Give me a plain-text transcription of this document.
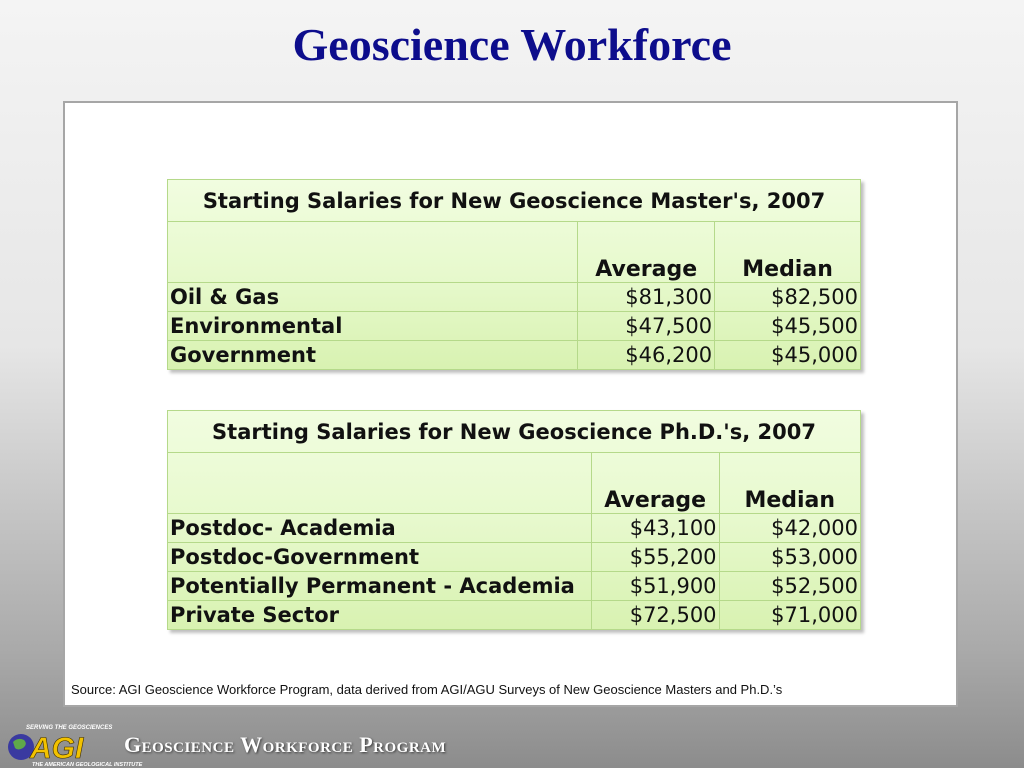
Geoscience Workforce
Starting Salaries for New Geoscience Master's, 2007		
	Average	Median
Oil & Gas	$81,300	$82,500
Environmental	$47,500	$45,500
Government	$46,200	$45,000
Starting Salaries for New Geoscience Ph.D.'s, 2007		
	Average	Median
Postdoc- Academia	$43,100	$42,000
Postdoc-Government	$55,200	$53,000
Potentially Permanent - Academia	$51,900	$52,500
Private Sector	$72,500	$71,000
Source: AGI Geoscience Workforce Program, data derived from AGI/AGU Surveys of New Geoscience Masters and Ph.D.’s
SERVING THE GEOSCIENCES
AGI
THE AMERICAN GEOLOGICAL INSTITUTE
Geoscience Workforce Program
